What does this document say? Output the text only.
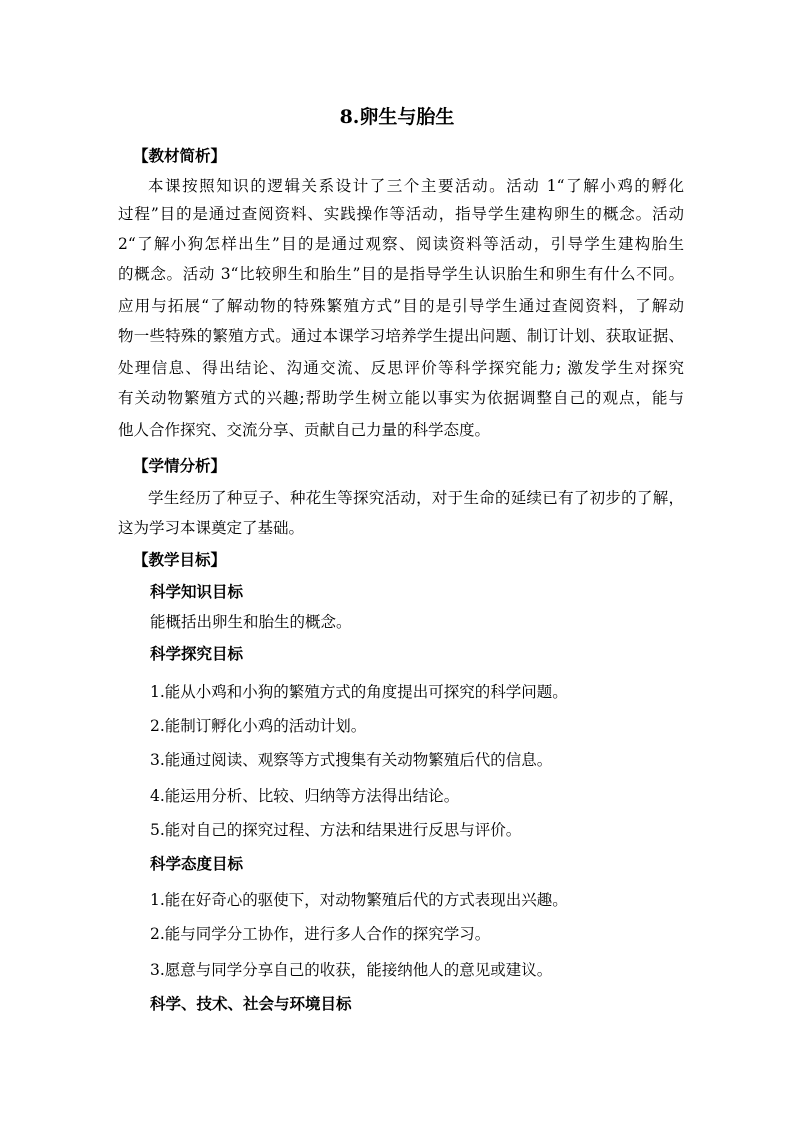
8.卵生与胎生
【教材简析】
本课按照知识的逻辑关系设计了三个主要活动。活动 1“了解小鸡的孵化
过程”目的是通过查阅资料、实践操作等活动，指导学生建构卵生的概念。活动
2“了解小狗怎样出生”目的是通过观察、阅读资料等活动，引导学生建构胎生
的概念。活动 3“比较卵生和胎生”目的是指导学生认识胎生和卵生有什么不同。
应用与拓展“了解动物的特殊繁殖方式”目的是引导学生通过查阅资料，了解动
物一些特殊的繁殖方式。通过本课学习培养学生提出问题、制订计划、获取证据、
处理信息、得出结论、沟通交流、反思评价等科学探究能力; 激发学生对探究
有关动物繁殖方式的兴趣;帮助学生树立能以事实为依据调整自己的观点，能与
他人合作探究、交流分享、贡献自己力量的科学态度。
【学情分析】
学生经历了种豆子、种花生等探究活动，对于生命的延续已有了初步的了解，
这为学习本课奠定了基础。
【教学目标】
科学知识目标
能概括出卵生和胎生的概念。
科学探究目标
1.能从小鸡和小狗的繁殖方式的角度提出可探究的科学问题。
2.能制订孵化小鸡的活动计划。
3.能通过阅读、观察等方式搜集有关动物繁殖后代的信息。
4.能运用分析、比较、归纳等方法得出结论。
5.能对自己的探究过程、方法和结果进行反思与评价。
科学态度目标
1.能在好奇心的驱使下，对动物繁殖后代的方式表现出兴趣。
2.能与同学分工协作，进行多人合作的探究学习。
3.愿意与同学分享自己的收获，能接纳他人的意见或建议。
科学、技术、社会与环境目标
